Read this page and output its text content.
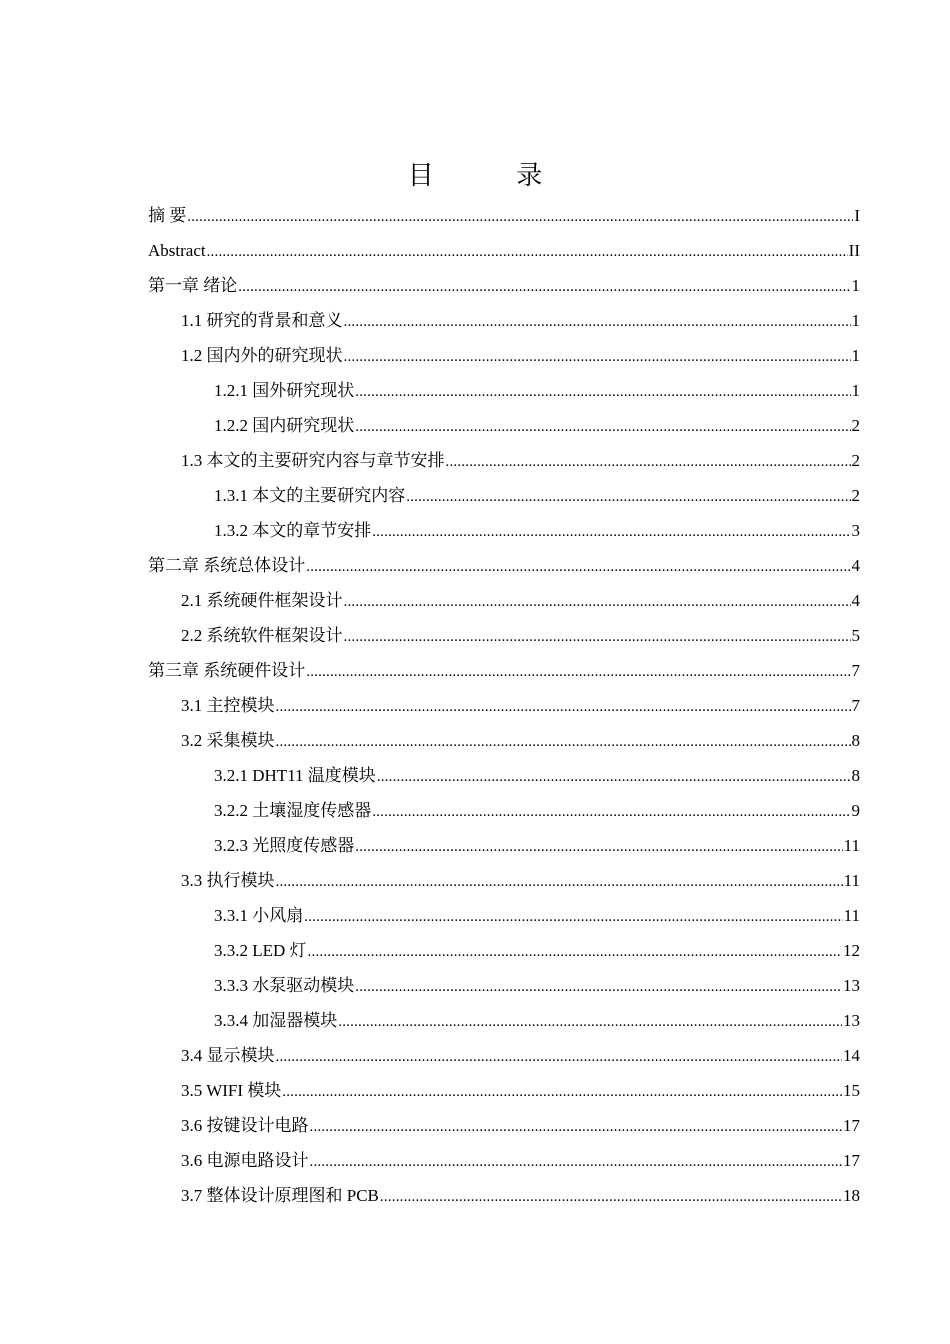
目 录
摘 要 .....	I
Abstract .....	II
第一章 绪论 .....	1
1.1 研究的背景和意义 .....	1
1.2 国内外的研究现状 .....	1
1.2.1 国外研究现状 .....	1
1.2.2 国内研究现状 .....	2
1.3 本文的主要研究内容与章节安排 .....	2
1.3.1 本文的主要研究内容 .....	2
1.3.2 本文的章节安排 .....	3
第二章 系统总体设计 .....	4
2.1 系统硬件框架设计 .....	4
2.2 系统软件框架设计 .....	5
第三章 系统硬件设计 .....	7
3.1 主控模块 .....	7
3.2 采集模块 .....	8
3.2.1 DHT11 温度模块 .....	8
3.2.2 土壤湿度传感器 .....	9
3.2.3 光照度传感器 .....	11
3.3 执行模块 .....	11
3.3.1 小风扇 .....	11
3.3.2 LED 灯 .....	12
3.3.3 水泵驱动模块 .....	13
3.3.4 加湿器模块 .....	13
3.4 显示模块 .....	14
3.5 WIFI 模块 .....	15
3.6 按键设计电路 .....	17
3.6 电源电路设计 .....	17
3.7 整体设计原理图和 PCB .....	18
